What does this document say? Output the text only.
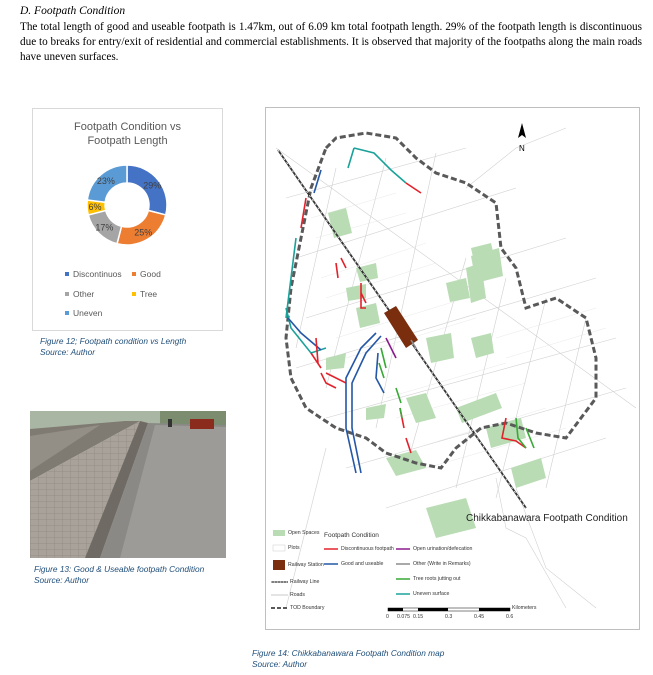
D. Footpath Condition
The total length of good and useable footpath is 1.47km, out of 6.09 km total footpath length. 29% of the footpath length is discontinuous due to breaks for entry/exit of residential and commercial establishments. It is observed that majority of the footpaths along the main roads have uneven surfaces.
Footpath Condition vs
Footpath Length
29%
25%
17%
6%
23%
Discontinuos Good
Other	Tree
Uneven
Figure 12; Footpath condition vs Length
Source: Author
Figure 13: Good & Useable footpath Condition
Source: Author
N
Chikkabanawara Footpath Condition
Open Spaces Footpath Condition
Plots	Discontinuous footpath	Open urination/defecation
Railway Station	Good and useable	Other (Write in Remarks)
Tree roots jutting out
Railway Line
Uneven surface
Roads
TOD Boundary	Kilometers
0 0.075 0.15	0.3	0.45	0.6
Figure 14: Chikkabanawara Footpath Condition map
Source: Author
